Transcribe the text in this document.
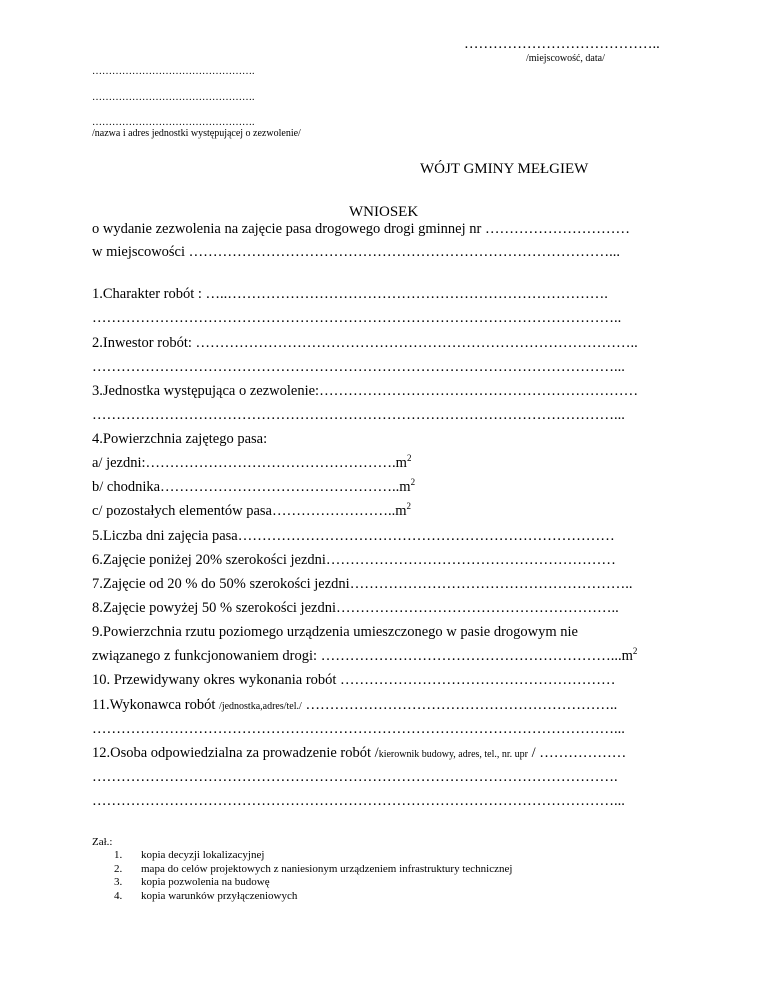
…………………………………..
/miejscowość, data/
………………………………………….
………………………………………….
………………………………………….
/nazwa i adres jednostki występującej o zezwolenie/
WÓJT GMINY MEŁGIEW
WNIOSEK
o wydanie zezwolenia na zajęcie pasa drogowego drogi gminnej nr …………………………
w miejscowości ……………………………………………………………………………...
1.Charakter robót : …..…………………………………………………………………….
………………………………………………………………………………………………..
2.Inwestor robót: ………………………………………………………………………………..
………………………………………………………………………………………………...
3.Jednostka występująca o zezwolenie:…………………………………………………………
………………………………………………………………………………………………...
4.Powierzchnia zajętego pasa:
a/ $jezdni:\dots\dots\dots\dots\dots\dots\dots\dots\dots\dots\dots\dots\dots\dots\dots\dots\dots.m^2$
b/ $chodnika\dots\dots\dots\dots\dots\dots\dots\dots\dots\dots\dots\dots\dots\dots\dots\dots..m^2$
c/ pozostałych elementów $pasa\dots\dots\dots\dots\dots\dots\dots\dots..m^2$
5.Liczba dni zajęcia pasa……………………………………………………………………
6.Zajęcie poniżej 20% szerokości jezdni……………………………………………………
7.Zajęcie od 20 % do 50% szerokości jezdni…………………………………………………..
8.Zajęcie powyżej 50 % szerokości jezdni…………………………………………………..
9.Powierzchnia rzutu poziomego urządzenia umieszczonego w pasie drogowym nie
związanego z funkcjonowaniem drogi: $\dots\dots\dots\dots\dots\dots\dots\dots\dots\dots\dots\dots\dots\dots\dots\dots\dots\dots\dots\dots...m^2$
10. Przewidywany okres wykonania robót …………………………………………………
11.Wykonawca robót /jednostka,adres/tel./ ………………………………………………………..
………………………………………………………………………………………………...
12.Osoba odpowiedzialna za prowadzenie robót /kierownik budowy, adres, tel., nr. upr / ………………
……………………………………………………………………………………………….
………………………………………………………………………………………………...
Zał.:
1. kopia decyzji lokalizacyjnej
2. mapa do celów projektowych z naniesionym urządzeniem infrastruktury technicznej
3. kopia pozwolenia na budowę
4. kopia warunków przyłączeniowych
